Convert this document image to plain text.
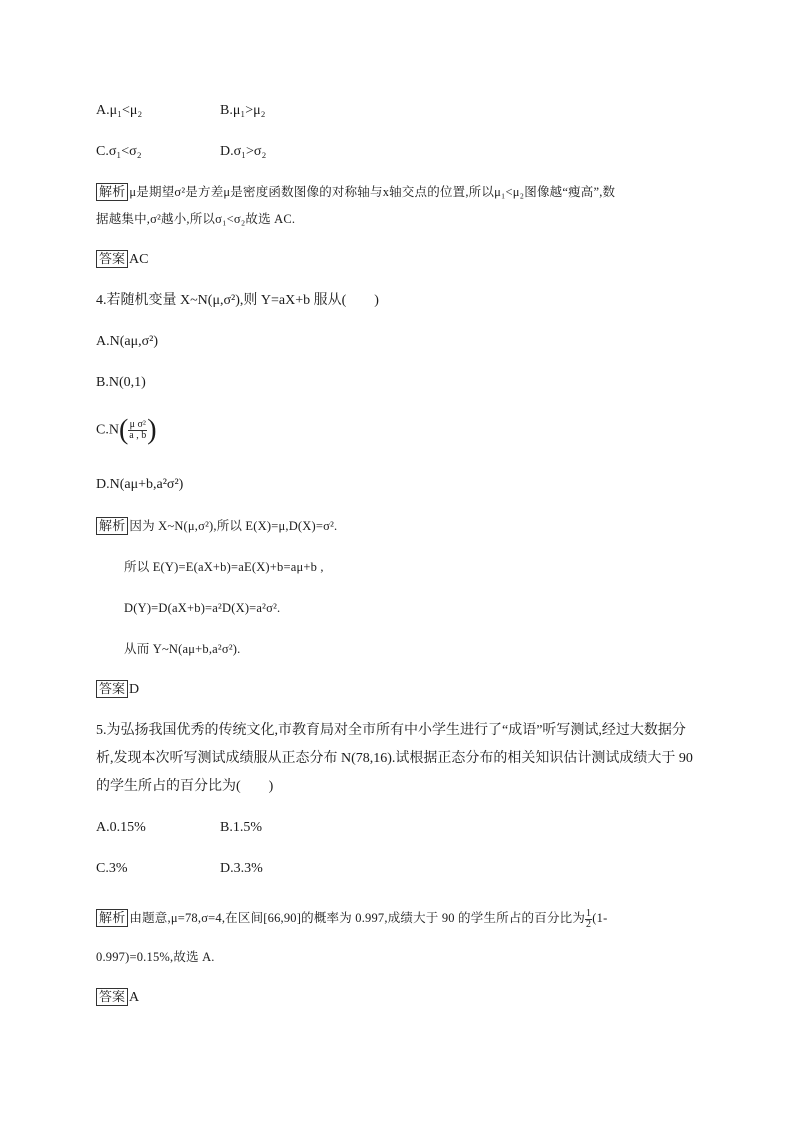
A.μ₁<μ₂	B.μ₁>μ₂
C.σ₁<σ₂	D.σ₁>σ₂
解析 μ是期望σ²是方差μ是密度函数图像的对称轴与x轴交点的位置,所以μ₁<μ₂图像越“瘦高”,数
据越集中,σ²越小,所以σ₁<σ₂故选 AC.
答案 AC
4.若随机变量 X~N(μ,σ²),则 Y=aX+b 服从(　　)
A.N(aμ,σ²)
B.N(0,1)
$C.N( \frac{\text{μ σ²}}{a , b}$ )
D.N(aμ+b,a²σ²)
解析 因为 X~N(μ,σ²),所以 E(X)=μ,D(X)=σ².
所以 E(Y)=E(aX+b)=aE(X)+b=aμ+b ,
D(Y)=D(aX+b)=a²D(X)=a²σ².
从而 Y~N(aμ+b,a²σ²).
答案 D
5.为弘扬我国优秀的传统文化,市教育局对全市所有中小学生进行了“成语”听写测试,经过大数据分
析,发现本次听写测试成绩服从正态分布 N(78,16).试根据正态分布的相关知识估计测试成绩大于 90
的学生所占的百分比为(　　)
A.0.15%	B.1.5%
C.3%	D.3.3%
解析 由题意,μ=78,σ=4,在区间[66,90]的概率为 0.997,成绩大于 90 的学生所占的百分比为 $\frac{1}{2} (1-$
0.997)=0.15%,故选 A.
答案 A
